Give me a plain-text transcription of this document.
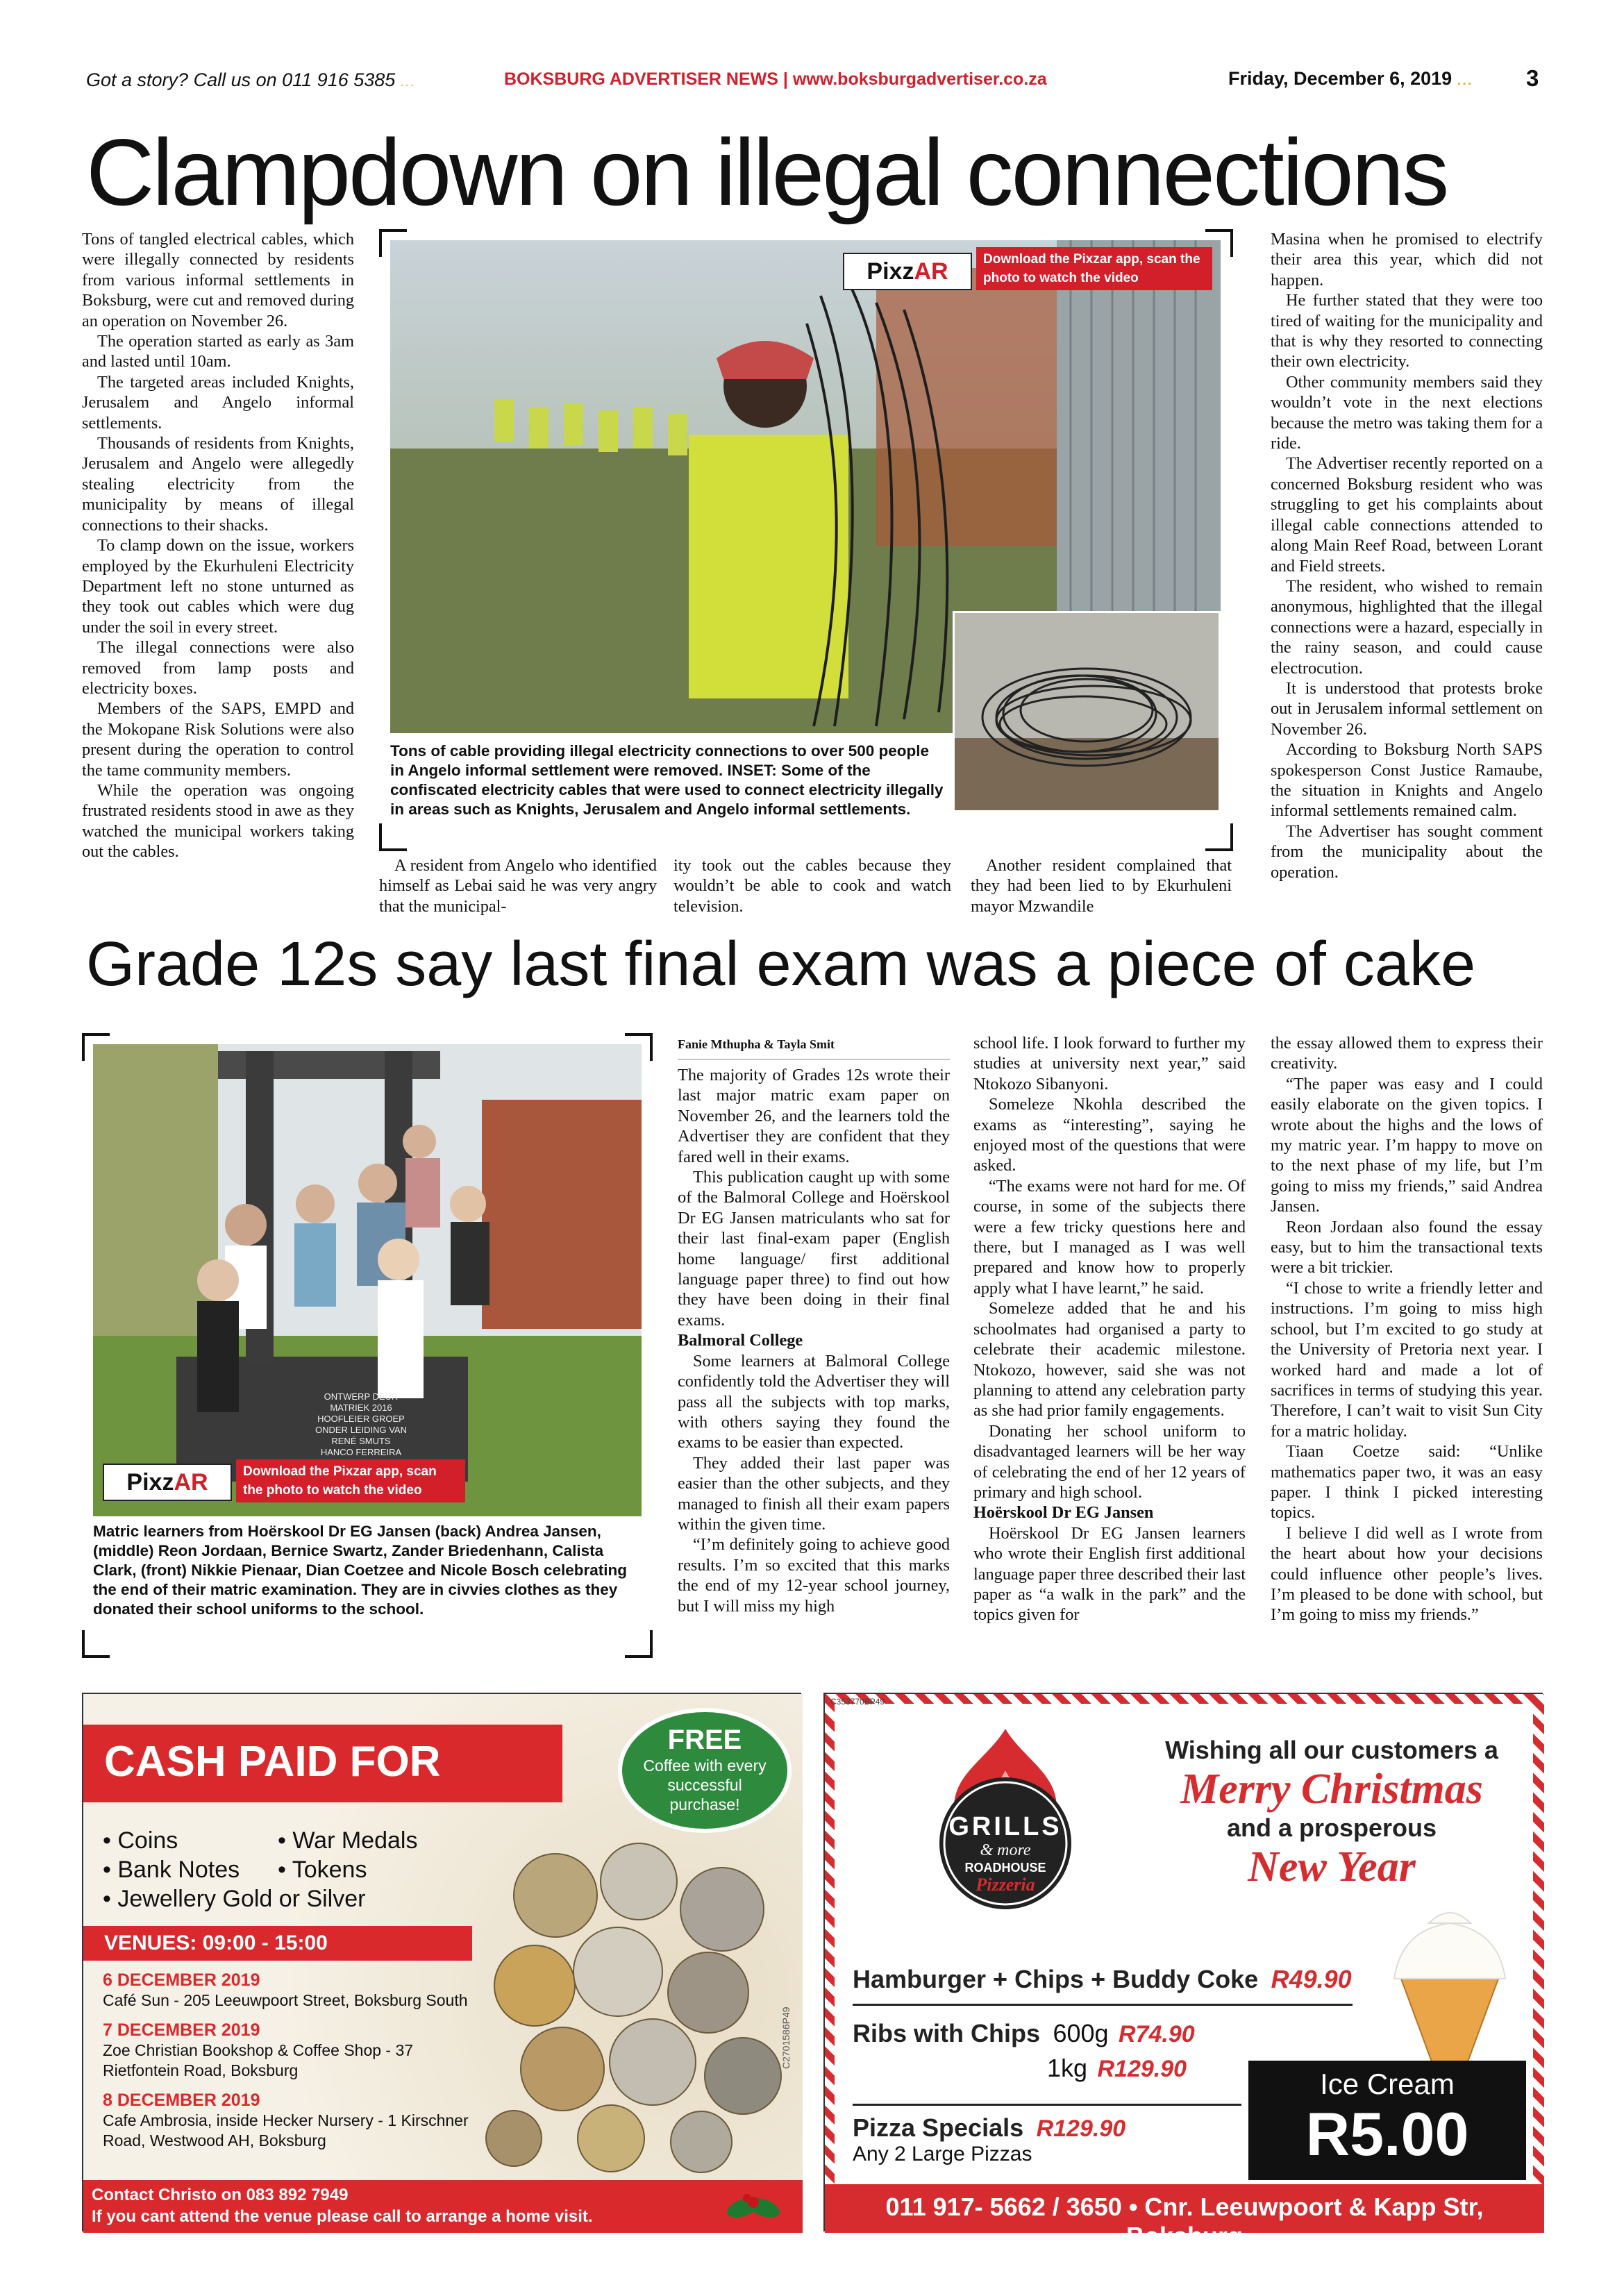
Got a story? Call us on 011 916 5385 ...	BOKSBURG ADVERTISER NEWS | www.boksburgadvertiser.co.za	Friday, December 6, 2019 ... 3
Clampdown on illegal connections

Tons of tangled electrical cables, which were illegally connected by residents from various informal settlements in Boksburg, were cut and removed during an operation on November 26.

The operation started as early as 3am and lasted until 10am.

The targeted areas included Knights, Jerusalem and Angelo informal settlements.

Thousands of residents from Knights, Jerusalem and Angelo were allegedly stealing electricity from the municipality by means of illegal connections to their shacks.

To clamp down on the issue, workers employed by the Ekurhuleni Electricity Department left no stone unturned as they took out cables which were dug under the soil in every street.

The illegal connections were also removed from lamp posts and electricity boxes.

Members of the SAPS, EMPD and the Mokopane Risk Solutions were also present during the operation to control the tame community members.

While the operation was ongoing frustrated residents stood in awe as they watched the municipal workers taking out the cables.

Pixz AR	Download the Pixzar app, scan the photo to watch the video
Tons of cable providing illegal electricity connections to over 500 people in Angelo informal settlement were removed. INSET: Some of the confiscated electricity cables that were used to connect electricity illegally in areas such as Knights, Jerusalem and Angelo informal settlements.

A resident from Angelo who identified himself as Lebai said he was very angry that the municipal-

ity took out the cables because they wouldn’t be able to cook and watch television.

Another resident complained that they had been lied to by Ekurhuleni mayor Mzwandile

Masina when he promised to electrify their area this year, which did not happen.

He further stated that they were too tired of waiting for the municipality and that is why they resorted to connecting their own electricity.

Other community members said they wouldn’t vote in the next elections because the metro was taking them for a ride.

The Advertiser recently reported on a concerned Boksburg resident who was struggling to get his complaints about illegal cable connections attended to along Main Reef Road, between Lorant and Field streets.

The resident, who wished to remain anonymous, highlighted that the illegal connections were a hazard, especially in the rainy season, and could cause electrocution.

It is understood that protests broke out in Jerusalem informal settlement on November 26.

According to Boksburg North SAPS spokesperson Const Justice Ramaube, the situation in Knights and Angelo informal settlements remained calm.

The Advertiser has sought comment from the municipality about the operation.

Grade 12s say last final exam was a piece of cake
ONTWERP DEUR
MATRIEK 2016
HOOFLEIER GROEP
ONDER LEIDING VAN
RENÉ SMUTS
HANCO FERREIRA
Pixz AR	Download the Pixzar app, scan the photo to watch the video
Matric learners from Hoërskool Dr EG Jansen (back) Andrea Jansen, (middle) Reon Jordaan, Bernice Swartz, Zander Briedenhann, Calista Clark, (front) Nikkie Pienaar, Dian Coetzee and Nicole Bosch celebrating the end of their matric examination. They are in civvies clothes as they donated their school uniforms to the school.
Fanie Mthupha & Tayla Smit

The majority of Grades 12s wrote their last major matric exam paper on November 26, and the learners told the Advertiser they are confident that they fared well in their exams.

This publication caught up with some of the Balmoral College and Hoërskool Dr EG Jansen matriculants who sat for their last final-exam paper (English home language/ first additional language paper three) to find out how they have been doing in their final exams.

Balmoral College

Some learners at Balmoral College confidently told the Advertiser they will pass all the subjects with top marks, with others saying they found the exams to be easier than expected.

They added their last paper was easier than the other subjects, and they managed to finish all their exam papers within the given time.

“I’m definitely going to achieve good results. I’m so excited that this marks the end of my 12-year school journey, but I will miss my high

school life. I look forward to further my studies at university next year,” said Ntokozo Sibanyoni.

Someleze Nkohla described the exams as “interesting”, saying he enjoyed most of the questions that were asked.

“The exams were not hard for me. Of course, in some of the subjects there were a few tricky questions here and there, but I managed as I was well prepared and know how to properly apply what I have learnt,” he said.

Someleze added that he and his schoolmates had organised a party to celebrate their academic milestone. Ntokozo, however, said she was not planning to attend any celebration party as she had prior family engagements.

Donating her school uniform to disadvantaged learners will be her way of celebrating the end of her 12 years of primary and high school.

Hoërskool Dr EG Jansen

Hoërskool Dr EG Jansen learners who wrote their English first additional language paper three described their last paper as “a walk in the park” and the topics given for

the essay allowed them to express their creativity.

“The paper was easy and I could easily elaborate on the given topics. I wrote about the highs and the lows of my matric year. I’m happy to move on to the next phase of my life, but I’m going to miss my friends,” said Andrea Jansen.

Reon Jordaan also found the essay easy, but to him the transactional texts were a bit trickier.

“I chose to write a friendly letter and instructions. I’m going to miss high school, but I’m excited to go study at the University of Pretoria next year. I worked hard and made a lot of sacrifices in terms of studying this year. Therefore, I can’t wait to visit Sun City for a matric holiday.

Tiaan Coetze said: “Unlike mathematics paper two, it was an easy paper. I think I picked interesting topics.

I believe I did well as I wrote from the heart about how your decisions could influence other people’s lives. I’m pleased to be done with school, but I’m going to miss my friends.”

CASH PAID FOR	FREE
Coffee with every successful purchase!
• Coins
• Bank Notes
• Jewellery Gold or Silver
• War Medals
• Tokens
VENUES: 09:00 - 15:00
6 DECEMBER 2019
Café Sun - 205 Leeuwpoort Street, Boksburg South
7 DECEMBER 2019
Zoe Christian Bookshop & Coffee Shop - 37 Rietfontein Road, Boksburg
8 DECEMBER 2019
Cafe Ambrosia, inside Hecker Nursery - 1 Kirschner Road, Westwood AH, Boksburg
C2701586P49
Contact Christo on 083 892 7949
If you cant attend the venue please call to arrange a home visit.
C353770BP49
GRILLS
& more
ROADHOUSE
Pizzeria
Wishing all our customers a
Merry Christmas
and a prosperous
New Year
Hamburger + Chips + Buddy Coke R49.90
Ribs with Chips 600g R74.90
1kg R129.90
Pizza Specials R129.90
Any 2 Large Pizzas
Ice Cream
R5.00
011 917- 5662 / 3650 • Cnr. Leeuwpoort & Kapp Str, Boksburg
